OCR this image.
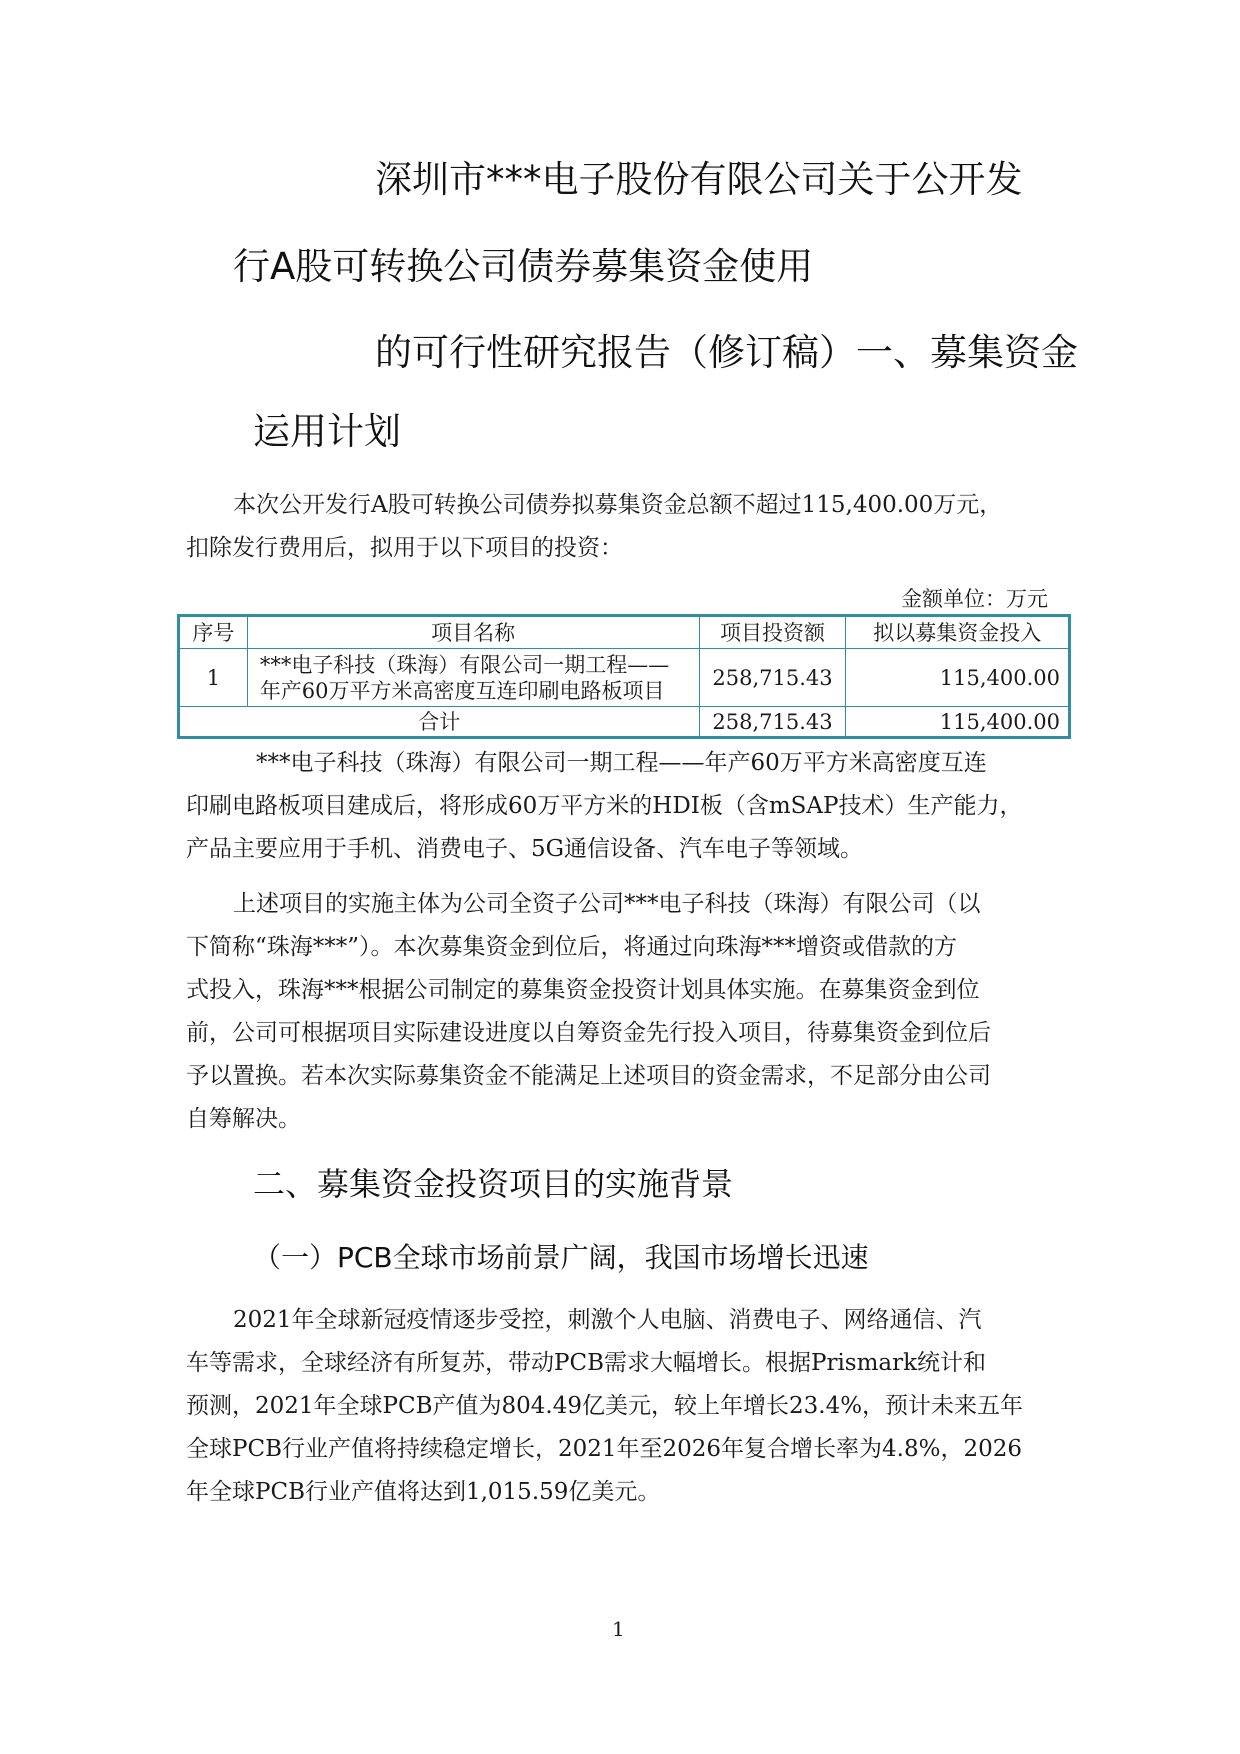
深圳市***电子股份有限公司关于公开发
行A股可转换公司债券募集资金使用
的可行性研究报告（修订稿）一、募集资金
运用计划
本次公开发行A股可转换公司债券拟募集资金总额不超过115,400.00万元，
扣除发行费用后，拟用于以下项目的投资：
金额单位：万元
序号	项目名称	项目投资额	拟以募集资金投入
1	***电子科技（珠海）有限公司一期工程——
年产60万平方米高密度互连印刷电路板项目	258,715.43	115,400.00
合计		258,715.43	115,400.00
***电子科技（珠海）有限公司一期工程——年产60万平方米高密度互连
印刷电路板项目建成后，将形成60万平方米的HDI板（含mSAP技术）生产能力，
产品主要应用于手机、消费电子、5G通信设备、汽车电子等领域。
上述项目的实施主体为公司全资子公司***电子科技（珠海）有限公司（以
下简称“珠海***”）。本次募集资金到位后，将通过向珠海***增资或借款的方
式投入，珠海***根据公司制定的募集资金投资计划具体实施。在募集资金到位
前，公司可根据项目实际建设进度以自筹资金先行投入项目，待募集资金到位后
予以置换。若本次实际募集资金不能满足上述项目的资金需求，不足部分由公司
自筹解决。
二、募集资金投资项目的实施背景
（一）PCB全球市场前景广阔，我国市场增长迅速
2021年全球新冠疫情逐步受控，刺激个人电脑、消费电子、网络通信、汽
车等需求，全球经济有所复苏，带动PCB需求大幅增长。根据Prismark统计和
预测，2021年全球PCB产值为804.49亿美元，较上年增长23.4%，预计未来五年
全球PCB行业产值将持续稳定增长，2021年至2026年复合增长率为4.8%，2026
年全球PCB行业产值将达到1,015.59亿美元。
1
